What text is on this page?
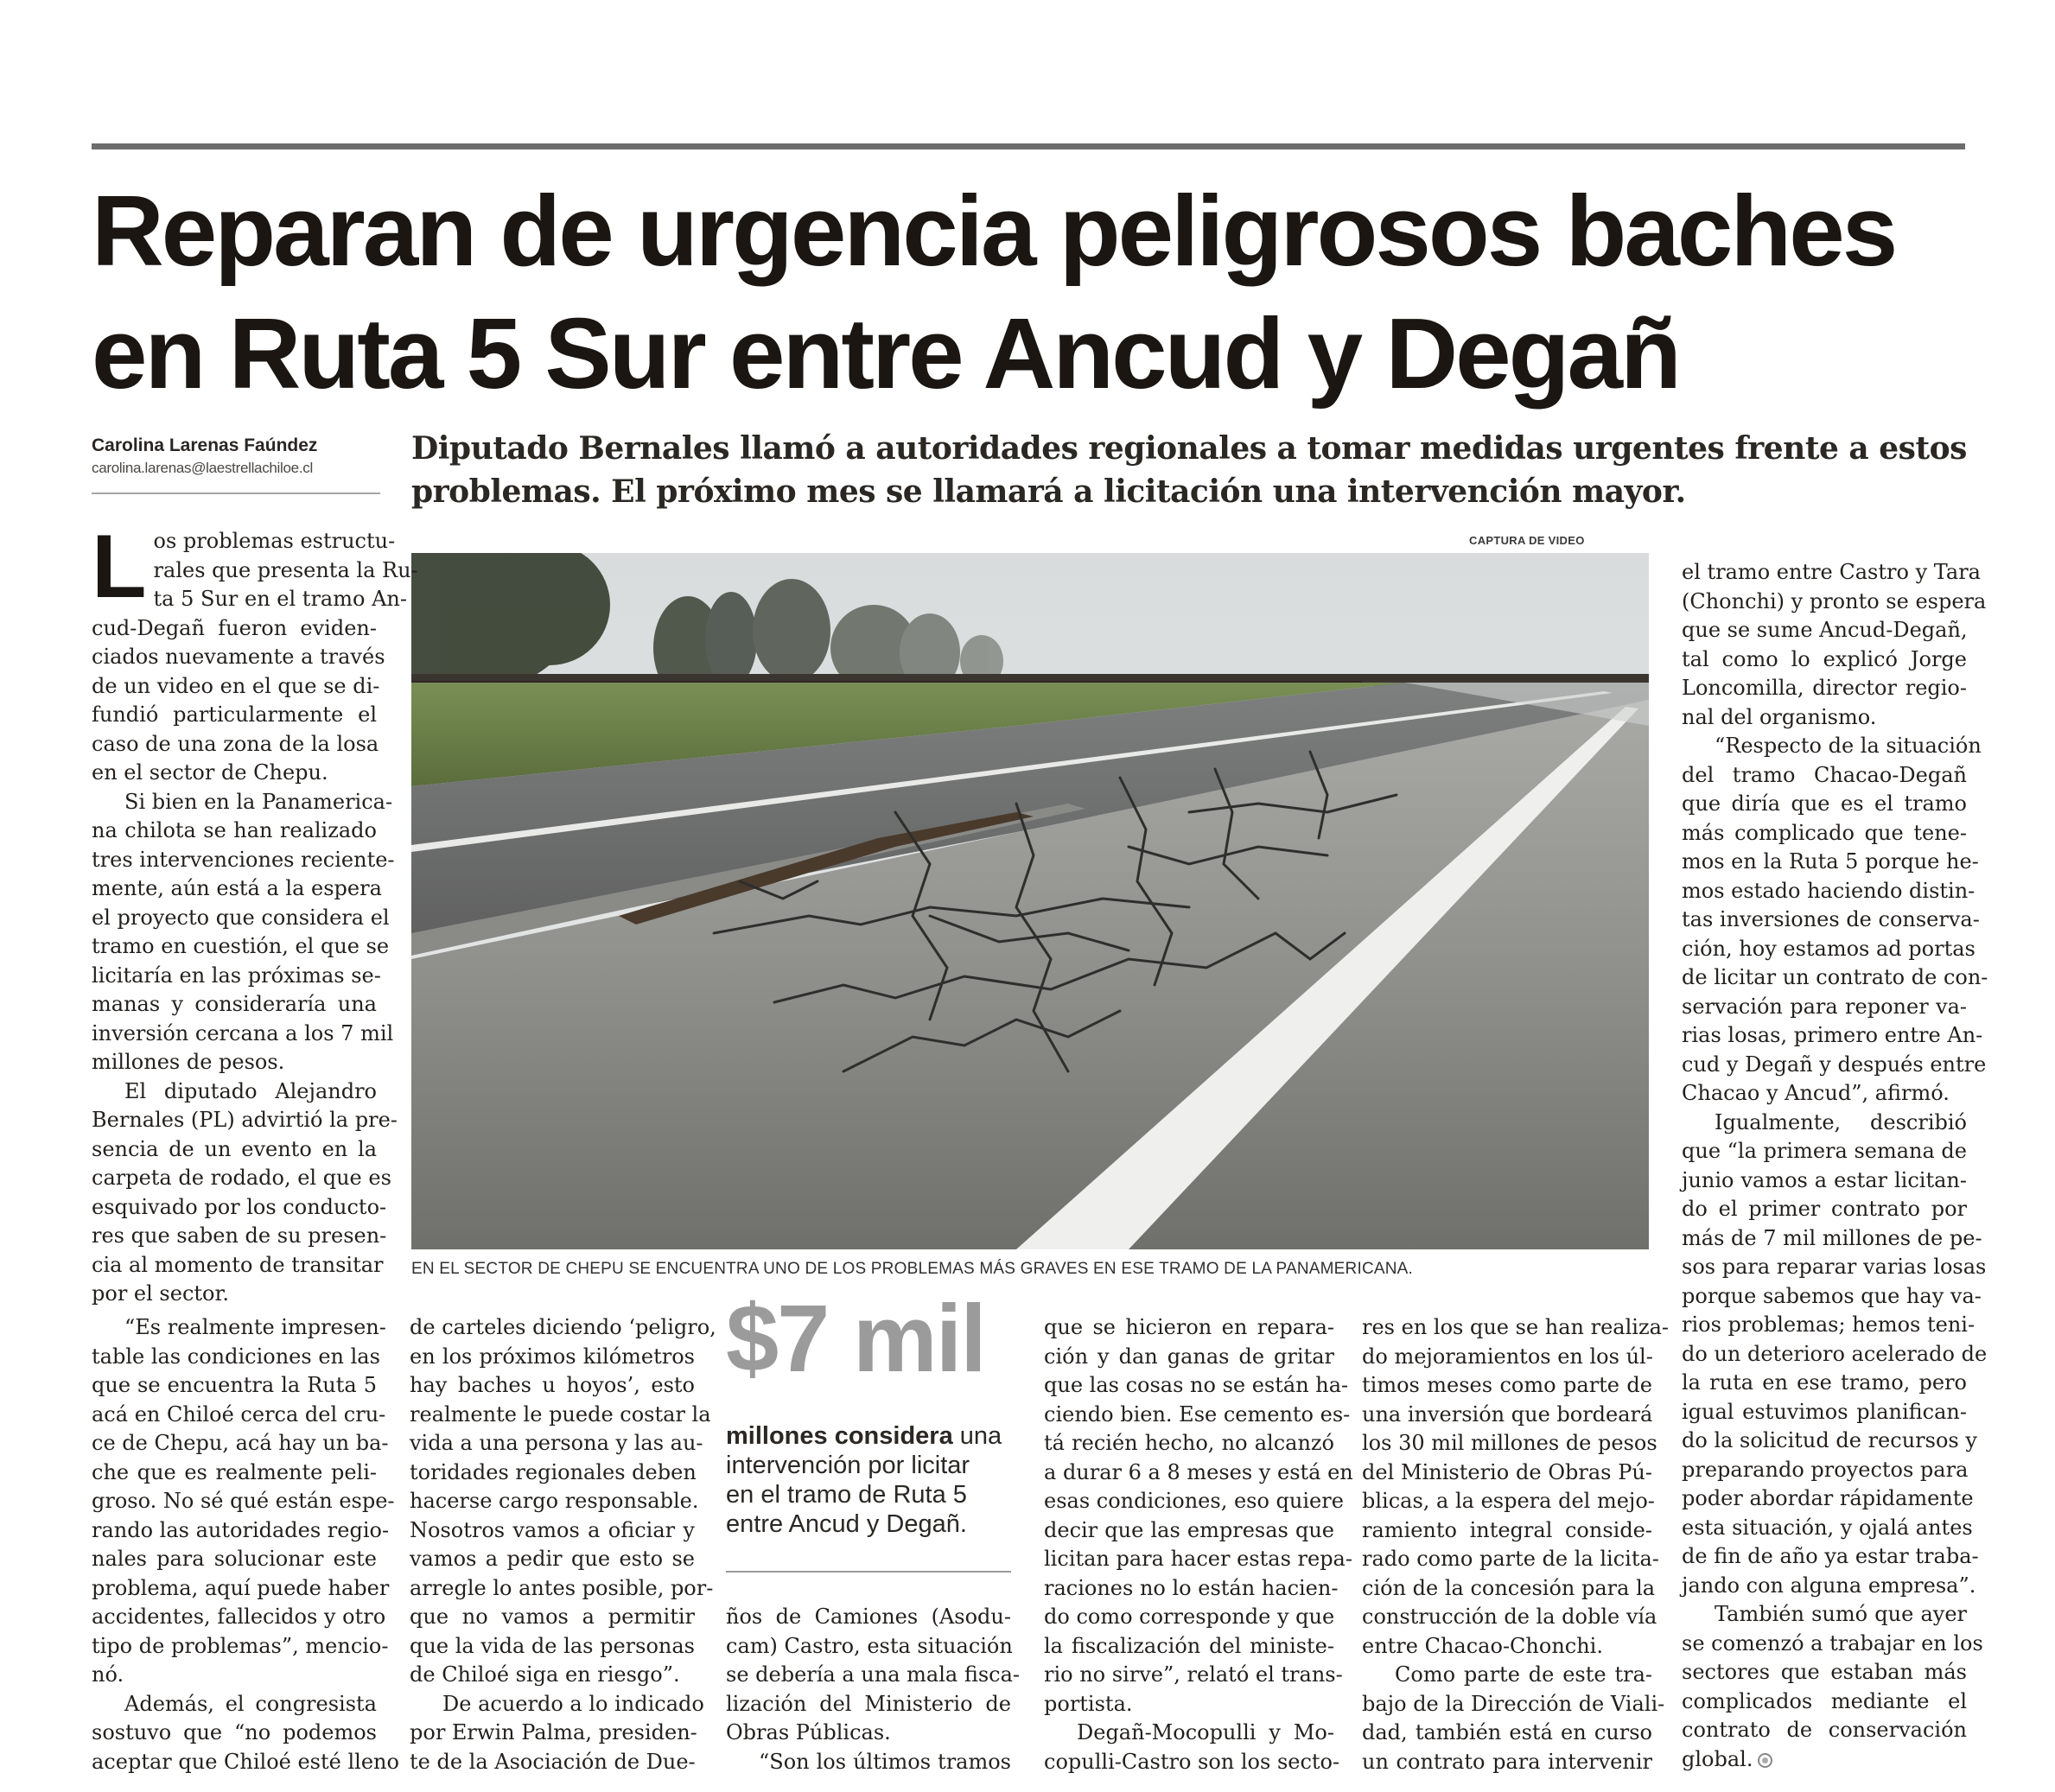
Reparan de urgencia peligrosos baches
en Ruta 5 Sur entre Ancud y Degañ
Carolina Larenas Faúndez
carolina.larenas@laestrellachiloe.cl
Diputado Bernales llamó a autoridades regionales a tomar medidas urgentes frente a estos
problemas. El próximo mes se llamará a licitación una intervención mayor.
CAPTURA DE VIDEO
EN EL SECTOR DE CHEPU SE ENCUENTRA UNO DE LOS PROBLEMAS MÁS GRAVES EN ESE TRAMO DE LA PANAMERICANA.
L os problemas estructu-
rales que presenta la Ru-
ta 5 Sur en el tramo An-
cud-Degañ fueron eviden-
ciados nuevamente a través
de un video en el que se di-
fundió particularmente el
caso de una zona de la losa
en el sector de Chepu.
Si bien en la Panamerica-
na chilota se han realizado
tres intervenciones reciente-
mente, aún está a la espera
el proyecto que considera el
tramo en cuestión, el que se
licitaría en las próximas se-
manas y consideraría una
inversión cercana a los 7 mil
millones de pesos.
El diputado Alejandro
Bernales (PL) advirtió la pre-
sencia de un evento en la
carpeta de rodado, el que es
esquivado por los conducto-
res que saben de su presen-
cia al momento de transitar
por el sector.
“Es realmente impresen-
table las condiciones en las
que se encuentra la Ruta 5
acá en Chiloé cerca del cru-
ce de Chepu, acá hay un ba-
che que es realmente peli-
groso. No sé qué están espe-
rando las autoridades regio-
nales para solucionar este
problema, aquí puede haber
accidentes, fallecidos y otro
tipo de problemas”, mencio-
nó.
Además, el congresista
sostuvo que “no podemos
aceptar que Chiloé esté lleno
de carteles diciendo ‘peligro,
en los próximos kilómetros
hay baches u hoyos’, esto
realmente le puede costar la
vida a una persona y las au-
toridades regionales deben
hacerse cargo responsable.
Nosotros vamos a oficiar y
vamos a pedir que esto se
arregle lo antes posible, por-
que no vamos a permitir
que la vida de las personas
de Chiloé siga en riesgo”.
De acuerdo a lo indicado
por Erwin Palma, presiden-
te de la Asociación de Due-
$7 mil
millones considera una
intervención por licitar
en el tramo de Ruta 5
entre Ancud y Degañ.
ños de Camiones (Asodu-
cam) Castro, esta situación
se debería a una mala fisca-
lización del Ministerio de
Obras Públicas.
“Son los últimos tramos
que se hicieron en repara-
ción y dan ganas de gritar
que las cosas no se están ha-
ciendo bien. Ese cemento es-
tá recién hecho, no alcanzó
a durar 6 a 8 meses y está en
esas condiciones, eso quiere
decir que las empresas que
licitan para hacer estas repa-
raciones no lo están hacien-
do como corresponde y que
la fiscalización del ministe-
rio no sirve”, relató el trans-
portista.
Degañ-Mocopulli y Mo-
copulli-Castro son los secto-
res en los que se han realiza-
do mejoramientos en los úl-
timos meses como parte de
una inversión que bordeará
los 30 mil millones de pesos
del Ministerio de Obras Pú-
blicas, a la espera del mejo-
ramiento integral conside-
rado como parte de la licita-
ción de la concesión para la
construcción de la doble vía
entre Chacao-Chonchi.
Como parte de este tra-
bajo de la Dirección de Viali-
dad, también está en curso
un contrato para intervenir
el tramo entre Castro y Tara
(Chonchi) y pronto se espera
que se sume Ancud-Degañ,
tal como lo explicó Jorge
Loncomilla, director regio-
nal del organismo.
“Respecto de la situación
del tramo Chacao-Degañ
que diría que es el tramo
más complicado que tene-
mos en la Ruta 5 porque he-
mos estado haciendo distin-
tas inversiones de conserva-
ción, hoy estamos ad portas
de licitar un contrato de con-
servación para reponer va-
rias losas, primero entre An-
cud y Degañ y después entre
Chacao y Ancud”, afirmó.
Igualmente, describió
que “la primera semana de
junio vamos a estar licitan-
do el primer contrato por
más de 7 mil millones de pe-
sos para reparar varias losas
porque sabemos que hay va-
rios problemas; hemos teni-
do un deterioro acelerado de
la ruta en ese tramo, pero
igual estuvimos planifican-
do la solicitud de recursos y
preparando proyectos para
poder abordar rápidamente
esta situación, y ojalá antes
de fin de año ya estar traba-
jando con alguna empresa”.
También sumó que ayer
se comenzó a trabajar en los
sectores que estaban más
complicados mediante el
contrato de conservación
global.
